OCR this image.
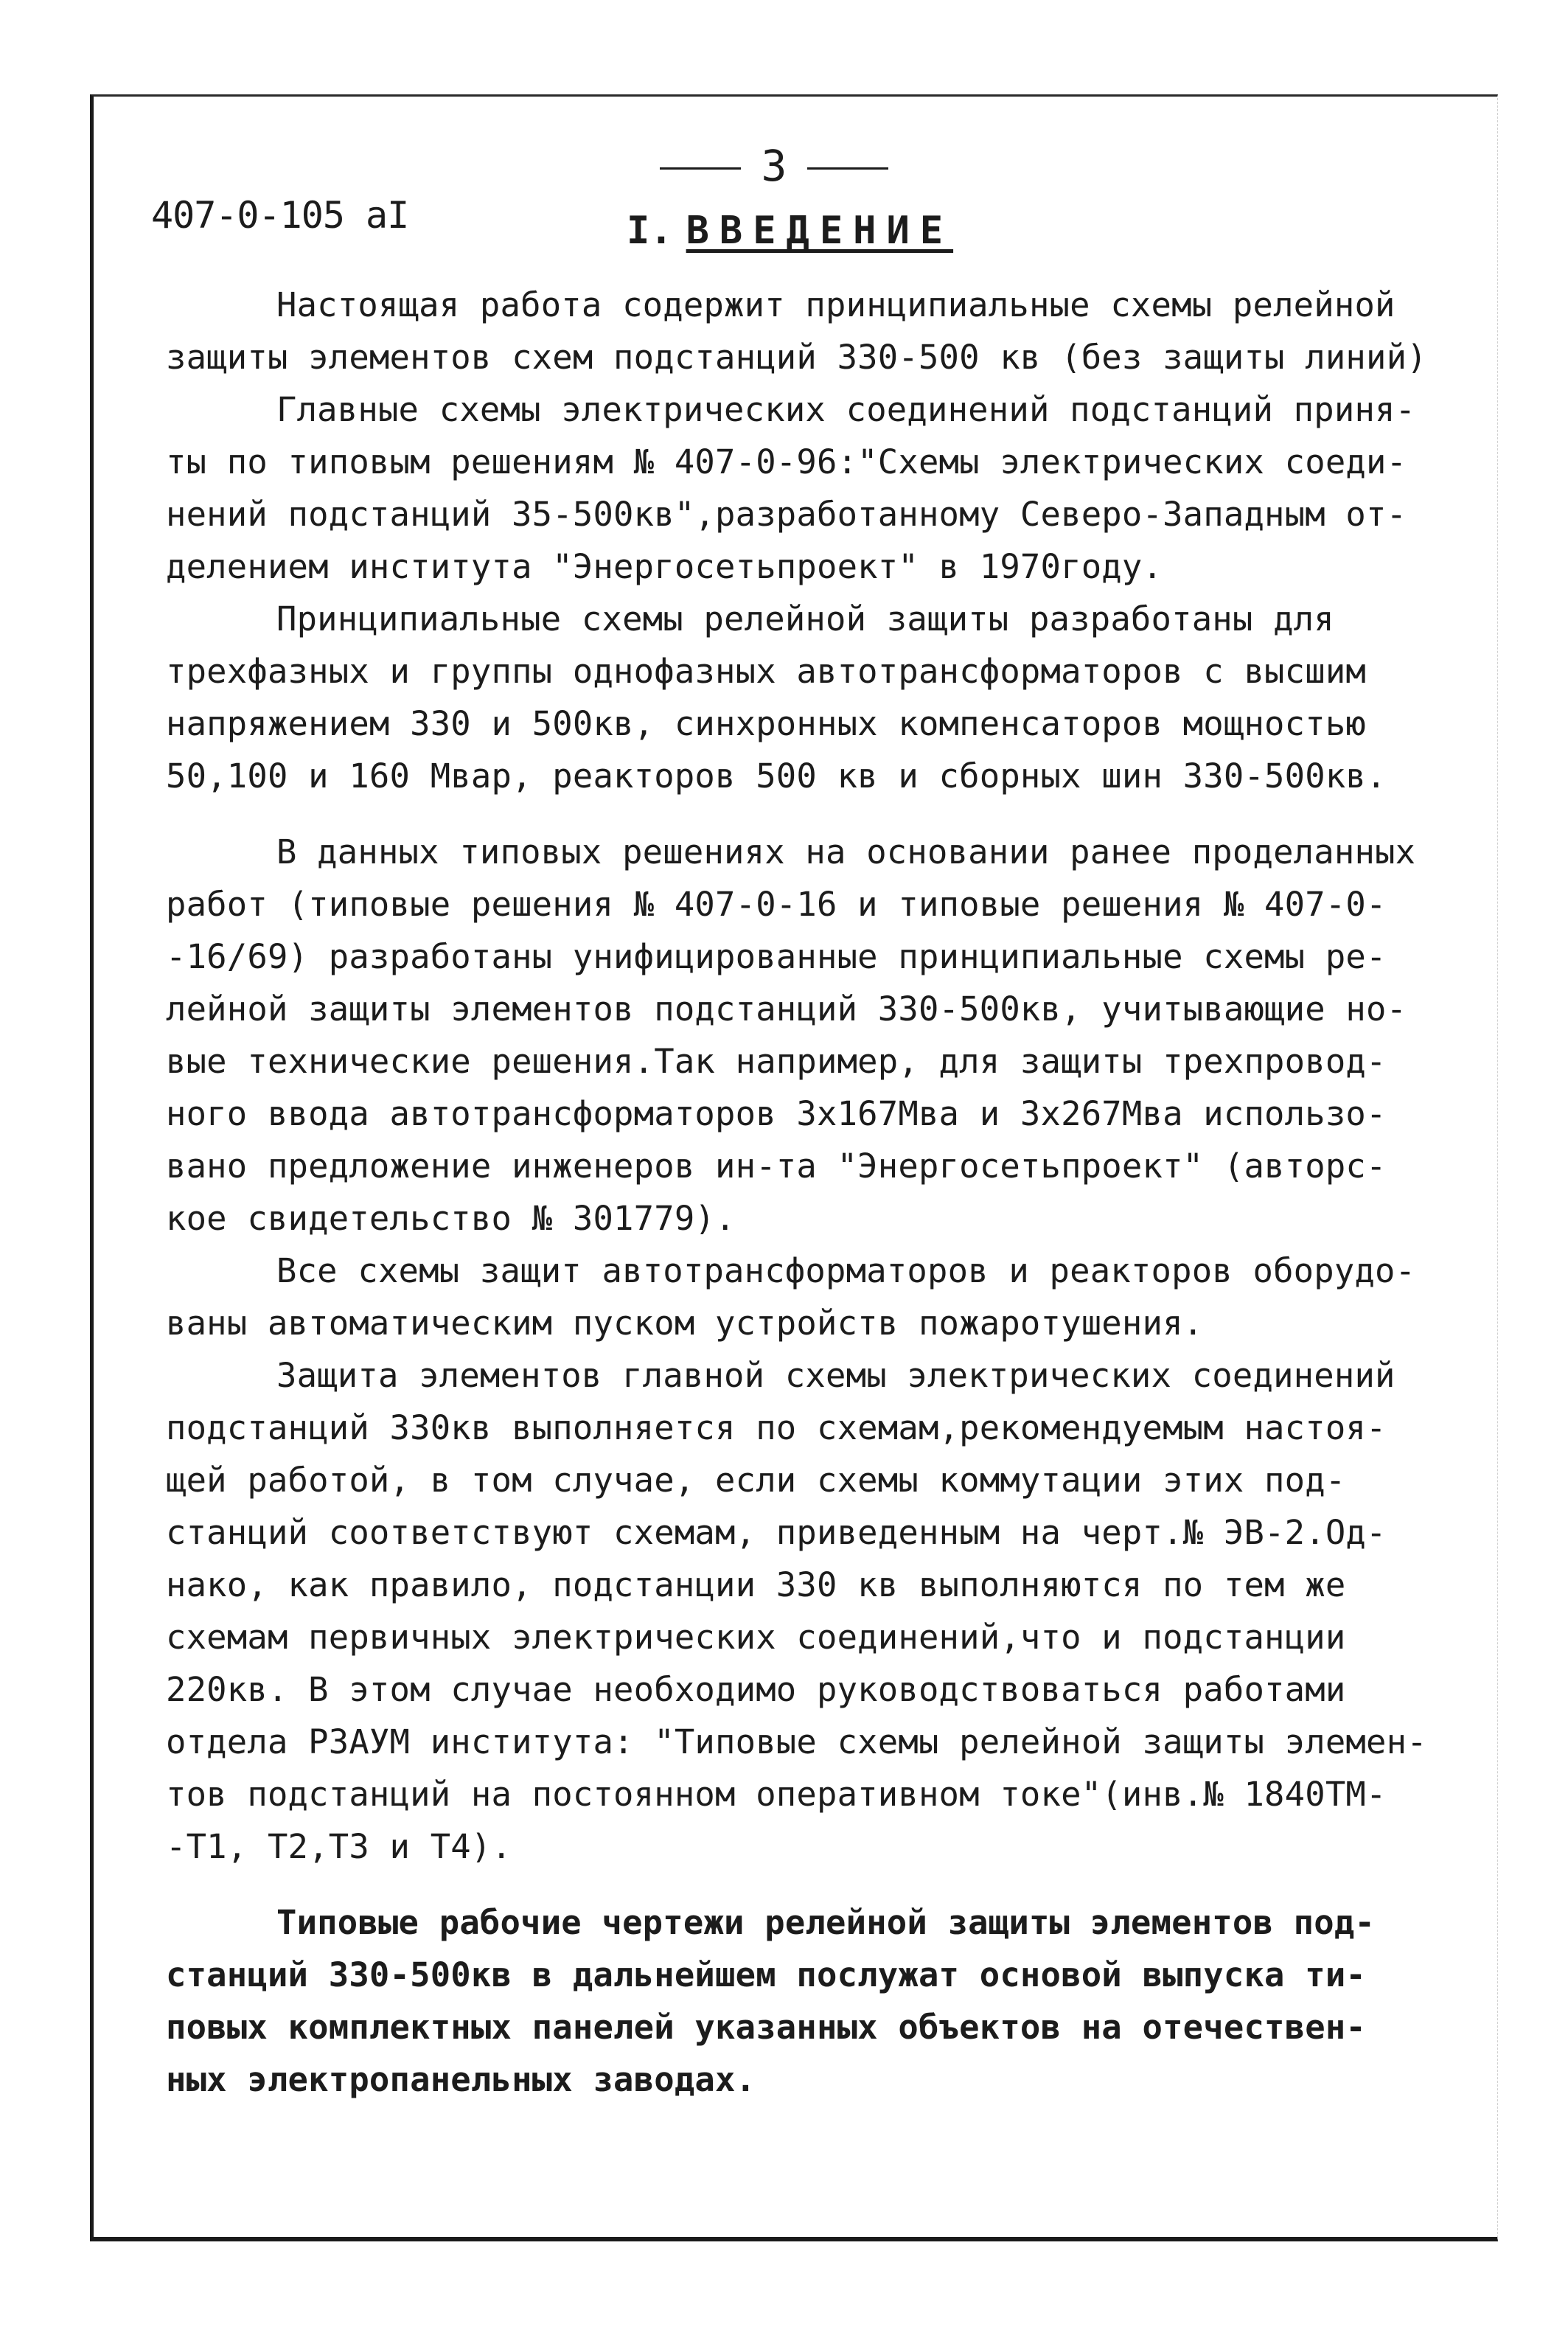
3
407-0-105 aI	I. ВВЕДЕНИЕ

Настоящая работа содержит принципиальные схемы релейной
защиты элементов схем подстанций 330-500 кв (без защиты линий)

Главные схемы электрических соединений подстанций приня-
ты по типовым решениям № 407-0-96:"Схемы электрических соеди-
нений подстанций 35-500кв",разработанному Северо-Западным от-
делением института "Энергосетьпроект" в 1970году.

Принципиальные схемы релейной защиты разработаны для
трехфазных и группы однофазных автотрансформаторов с высшим
напряжением 330 и 500кв, синхронных компенсаторов мощностью
50,100 и 160 Мвар, реакторов 500 кв и сборных шин 330-500кв.

В данных типовых решениях на основании ранее проделанных
работ (типовые решения № 407-0-16 и типовые решения № 407-0-
-16/69) разработаны унифицированные принципиальные схемы ре-
лейной защиты элементов подстанций 330-500кв, учитывающие но-
вые технические решения.Так например, для защиты трехпровод-
ного ввода автотрансформаторов 3х167Мва и 3х267Мва использо-
вано предложение инженеров ин-та "Энергосетьпроект" (авторс-
кое свидетельство № 301779).

Все схемы защит автотрансформаторов и реакторов оборудо-
ваны автоматическим пуском устройств пожаротушения.

Защита элементов главной схемы электрических соединений
подстанций 330кв выполняется по схемам,рекомендуемым настоя-
щей работой, в том случае, если схемы коммутации этих под-
станций соответствуют схемам, приведенным на черт.№ ЭВ-2.Од-
нако, как правило, подстанции 330 кв выполняются по тем же
схемам первичных электрических соединений,что и подстанции
220кв. В этом случае необходимо руководствоваться работами
отдела РЗАУМ института: "Типовые схемы релейной защиты элемен-
тов подстанций на постоянном оперативном токе"(инв.№ 1840ТМ-
-Т1, Т2,Т3 и Т4).

Типовые рабочие чертежи релейной защиты элементов под-
станций 330-500кв в дальнейшем послужат основой выпуска ти-
повых комплектных панелей указанных объектов на отечествен-
ных электропанельных заводах.
